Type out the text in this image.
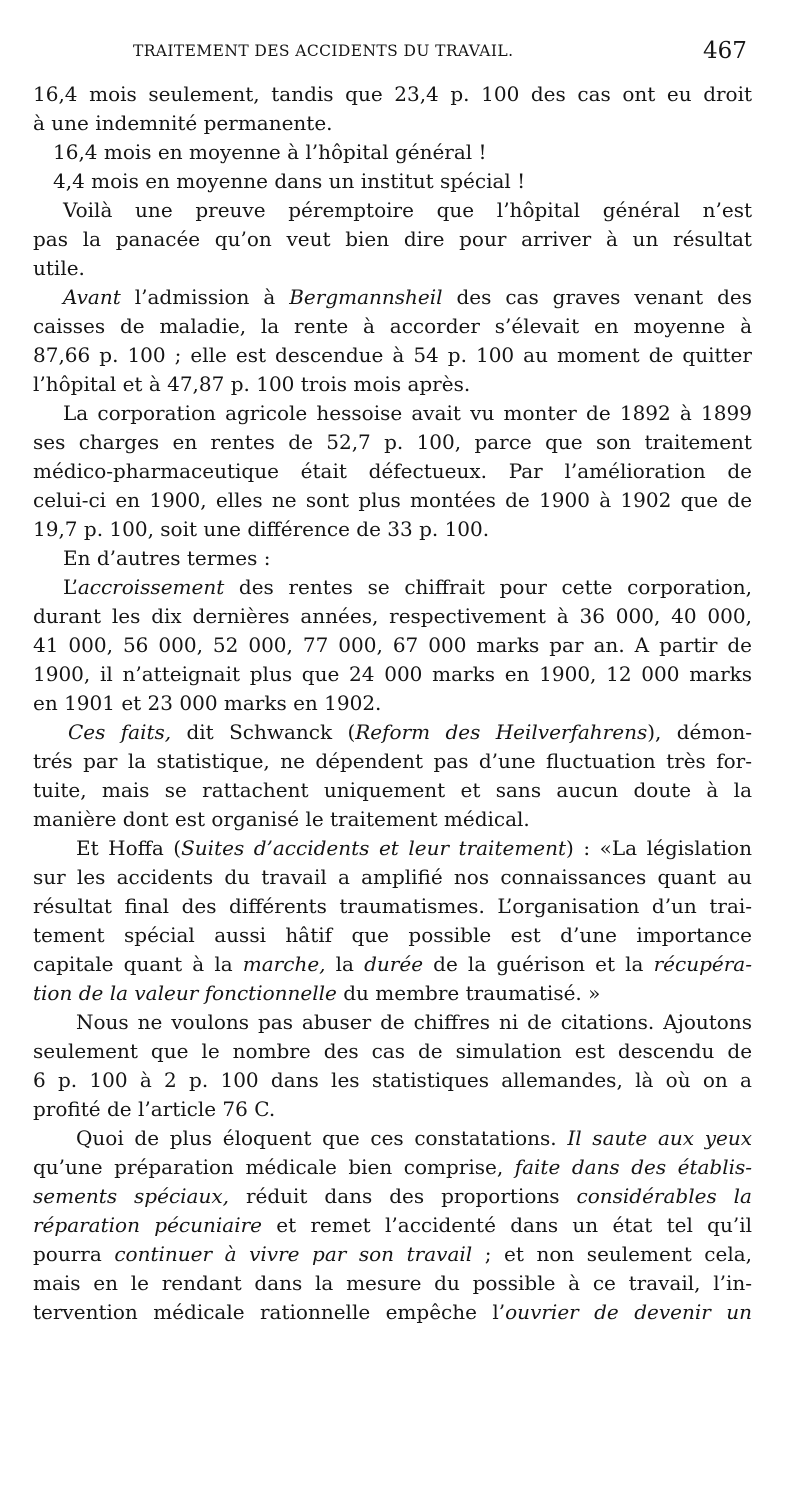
TRAITEMENT DES ACCIDENTS DU TRAVAIL.	467
16,4 mois seulement, tandis que 23,4 p. 100 des cas ont eu droit
à une indemnité permanente.
16,4 mois en moyenne à l’hôpital général !
4,4 mois en moyenne dans un institut spécial !
Voilà une preuve péremptoire que l’hôpital général n’est
pas la panacée qu’on veut bien dire pour arriver à un résultat
utile.
Avant l’admission à Bergmannsheil des cas graves venant des
caisses de maladie, la rente à accorder s’élevait en moyenne à
87,66 p. 100 ; elle est descendue à 54 p. 100 au moment de quitter
l’hôpital et à 47,87 p. 100 trois mois après.
La corporation agricole hessoise avait vu monter de 1892 à 1899
ses charges en rentes de 52,7 p. 100, parce que son traitement
médico-pharmaceutique était défectueux. Par l’amélioration de
celui-ci en 1900, elles ne sont plus montées de 1900 à 1902 que de
19,7 p. 100, soit une différence de 33 p. 100.
En d’autres termes :
L’accroissement des rentes se chiffrait pour cette corporation,
durant les dix dernières années, respectivement à 36 000, 40 000,
41 000, 56 000, 52 000, 77 000, 67 000 marks par an. A partir de
1900, il n’atteignait plus que 24 000 marks en 1900, 12 000 marks
en 1901 et 23 000 marks en 1902.
Ces faits, dit Schwanck (Reform des Heilverfahrens), démon-
trés par la statistique, ne dépendent pas d’une fluctuation très for-
tuite, mais se rattachent uniquement et sans aucun doute à la
manière dont est organisé le traitement médical.
Et Hoffa (Suites d’accidents et leur traitement) : «La législation
sur les accidents du travail a amplifié nos connaissances quant au
résultat final des différents traumatismes. L’organisation d’un trai-
tement spécial aussi hâtif que possible est d’une importance
capitale quant à la marche, la durée de la guérison et la récupéra-
tion de la valeur fonctionnelle du membre traumatisé. »
Nous ne voulons pas abuser de chiffres ni de citations. Ajoutons
seulement que le nombre des cas de simulation est descendu de
6 p. 100 à 2 p. 100 dans les statistiques allemandes, là où on a
profité de l’article 76 C.
Quoi de plus éloquent que ces constatations. Il saute aux yeux
qu’une préparation médicale bien comprise, faite dans des établis-
sements spéciaux, réduit dans des proportions considérables la
réparation pécuniaire et remet l’accidenté dans un état tel qu’il
pourra continuer à vivre par son travail ; et non seulement cela,
mais en le rendant dans la mesure du possible à ce travail, l’in-
tervention médicale rationnelle empêche l’ouvrier de devenir un
